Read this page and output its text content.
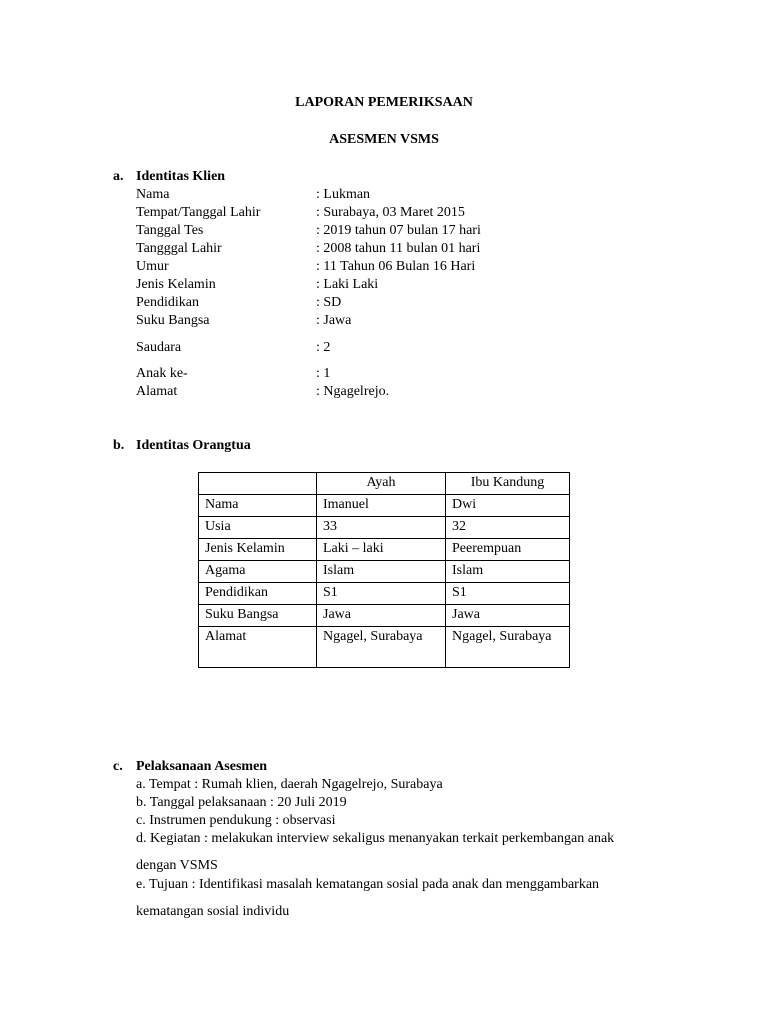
LAPORAN PEMERIKSAAN
ASESMEN VSMS
a. Identitas Klien
Nama	: Lukman
Tempat/Tanggal Lahir	: Surabaya, 03 Maret 2015
Tanggal Tes	: 2019 tahun 07 bulan 17 hari
Tangggal Lahir	: 2008 tahun 11 bulan 01 hari
Umur	: 11 Tahun 06 Bulan 16 Hari
Jenis Kelamin	: Laki Laki
Pendidikan	: SD
Suku Bangsa	: Jawa
Saudara	: 2
Anak ke-	: 1
Alamat	: Ngagelrejo.
b. Identitas Orangtua
	Ayah	Ibu Kandung
Nama	Imanuel	Dwi
Usia	33	32
Jenis Kelamin	Laki – laki	Peerempuan
Agama	Islam	Islam
Pendidikan	S1	S1
Suku Bangsa	Jawa	Jawa
Alamat	Ngagel, Surabaya	Ngagel, Surabaya
c. Pelaksanaan Asesmen
a. Tempat : Rumah klien, daerah Ngagelrejo, Surabaya
b. Tanggal pelaksanaan : 20 Juli 2019
c. Instrumen pendukung : observasi
d. Kegiatan : melakukan interview sekaligus menanyakan terkait perkembangan anak
dengan VSMS
e. Tujuan : Identifikasi masalah kematangan sosial pada anak dan menggambarkan
kematangan sosial individu
